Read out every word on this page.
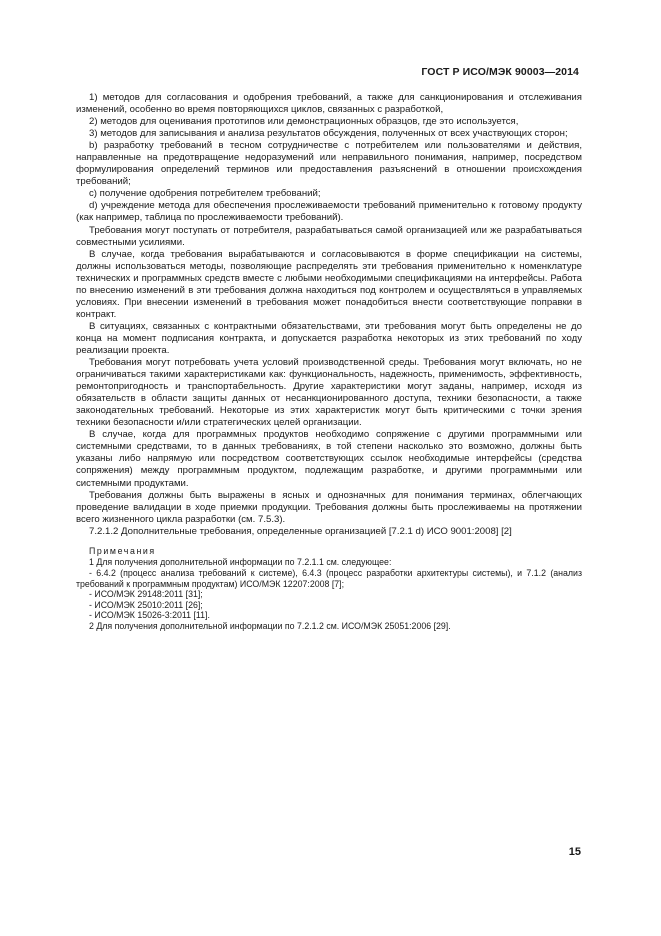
ГОСТ Р ИСО/МЭК 90003—2014

1) методов для согласования и одобрения требований, а также для санкционирования и отслеживания изменений, особенно во время повторяющихся циклов, связанных с разработкой,

2) методов для оценивания прототипов или демонстрационных образцов, где это используется,

3) методов для записывания и анализа результатов обсуждения, полученных от всех участвующих сторон;

b) разработку требований в тесном сотрудничестве с потребителем или пользователями и действия, направленные на предотвращение недоразумений или неправильного понимания, например, посредством формулирования определений терминов или предоставления разъяснений в отношении происхождения требований;

c) получение одобрения потребителем требований;

d) учреждение метода для обеспечения прослеживаемости требований применительно к готовому продукту (как например, таблица по прослеживаемости требований).

Требования могут поступать от потребителя, разрабатываться самой организацией или же разрабатываться совместными усилиями.

В случае, когда требования вырабатываются и согласовываются в форме спецификации на системы, должны использоваться методы, позволяющие распределять эти требования применительно к номенклатуре технических и программных средств вместе с любыми необходимыми спецификациями на интерфейсы. Работа по внесению изменений в эти требования должна находиться под контролем и осуществляться в управляемых условиях. При внесении изменений в требования может понадобиться внести соответствующие поправки в контракт.

В ситуациях, связанных с контрактными обязательствами, эти требования могут быть определены не до конца на момент подписания контракта, и допускается разработка некоторых из этих требований по ходу реализации проекта.

Требования могут потребовать учета условий производственной среды. Требования могут включать, но не ограничиваться такими характеристиками как: функциональность, надежность, применимость, эффективность, ремонтопригодность и транспортабельность. Другие характеристики могут заданы, например, исходя из обязательств в области защиты данных от несанкционированного доступа, техники безопасности, а также законодательных требований. Некоторые из этих характеристик могут быть критическими с точки зрения техники безопасности и/или стратегических целей организации.

В случае, когда для программных продуктов необходимо сопряжение с другими программными или системными средствами, то в данных требованиях, в той степени насколько это возможно, должны быть указаны либо напрямую или посредством соответствующих ссылок необходимые интерфейсы (средства сопряжения) между программным продуктом, подлежащим разработке, и другими программными или системными продуктами.

Требования должны быть выражены в ясных и однозначных для понимания терминах, облегчающих проведение валидации в ходе приемки продукции. Требования должны быть прослеживаемы на протяжении всего жизненного цикла разработки (см. 7.5.3).

7.2.1.2 Дополнительные требования, определенные организацией [7.2.1 d) ИСО 9001:2008] [2]

Примечания

1 Для получения дополнительной информации по 7.2.1.1 см. следующее:

- 6.4.2 (процесс анализа требований к системе), 6.4.3 (процесс разработки архитектуры системы), и 7.1.2 (анализ требований к программным продуктам) ИСО/МЭК 12207:2008 [7];

- ИСО/МЭК 29148:2011 [31];

- ИСО/МЭК 25010:2011 [26];

- ИСО/МЭК 15026-3:2011 [11].

2 Для получения дополнительной информации по 7.2.1.2 см. ИСО/МЭК 25051:2006 [29].

15
